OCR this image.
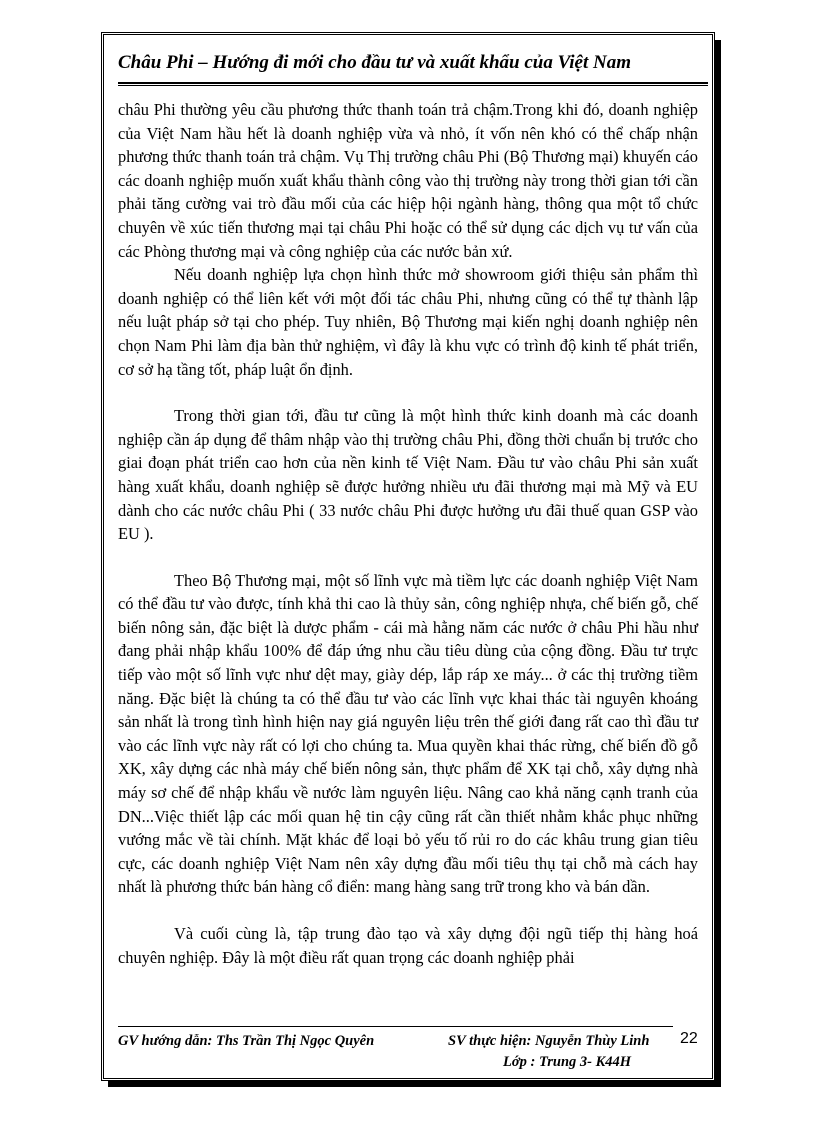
Châu Phi – Hướng đi mới cho đầu tư và xuất khẩu của Việt Nam

châu Phi thường yêu cầu phương thức thanh toán trả chậm.Trong khi đó, doanh nghiệp của Việt Nam hầu hết là doanh nghiệp vừa và nhỏ, ít vốn nên khó có thể chấp nhận phương thức thanh toán trả chậm. Vụ Thị trường châu Phi (Bộ Thương mại) khuyến cáo các doanh nghiệp muốn xuất khẩu thành công vào thị trường này trong thời gian tới cần phải tăng cường vai trò đầu mối của các hiệp hội ngành hàng, thông qua một tổ chức chuyên về xúc tiến thương mại tại châu Phi hoặc có thể sử dụng các dịch vụ tư vấn của các Phòng thương mại và công nghiệp của các nước bản xứ.

Nếu doanh nghiệp lựa chọn hình thức mở showroom giới thiệu sản phẩm thì doanh nghiệp có thể liên kết với một đối tác châu Phi, nhưng cũng có thể tự thành lập nếu luật pháp sở tại cho phép. Tuy nhiên, Bộ Thương mại kiến nghị doanh nghiệp nên chọn Nam Phi làm địa bàn thử nghiệm, vì đây là khu vực có trình độ kinh tế phát triển, cơ sở hạ tầng tốt, pháp luật ổn định.

Trong thời gian tới, đầu tư cũng là một hình thức kinh doanh mà các doanh nghiệp cần áp dụng để thâm nhập vào thị trường châu Phi, đồng thời chuẩn bị trước cho giai đoạn phát triển cao hơn của nền kinh tế Việt Nam. Đầu tư vào châu Phi sản xuất hàng xuất khẩu, doanh nghiệp sẽ được hưởng nhiều ưu đãi thương mại mà Mỹ và EU dành cho các nước châu Phi ( 33 nước châu Phi được hưởng ưu đãi thuế quan GSP vào EU ).

Theo Bộ Thương mại, một số lĩnh vực mà tiềm lực các doanh nghiệp Việt Nam có thể đầu tư vào được, tính khả thi cao là thủy sản, công nghiệp nhựa, chế biến gỗ, chế biến nông sản, đặc biệt là dược phẩm - cái mà hằng năm các nước ở châu Phi hầu như đang phải nhập khẩu 100% để đáp ứng nhu cầu tiêu dùng của cộng đồng. Đầu tư trực tiếp vào một số lĩnh vực như dệt may, giày dép, lắp ráp xe máy... ở các thị trường tiềm năng. Đặc biệt là chúng ta có thể đầu tư vào các lĩnh vực khai thác tài nguyên khoáng sản nhất là trong tình hình hiện nay giá nguyên liệu trên thế giới đang rất cao thì đầu tư vào các lĩnh vực này rất có lợi cho chúng ta. Mua quyền khai thác rừng, chế biến đồ gỗ XK, xây dựng các nhà máy chế biến nông sản, thực phẩm để XK tại chỗ, xây dựng nhà máy sơ chế để nhập khẩu về nước làm nguyên liệu. Nâng cao khả năng cạnh tranh của DN...Việc thiết lập các mối quan hệ tin cậy cũng rất cần thiết nhằm khắc phục những vướng mắc về tài chính. Mặt khác để loại bỏ yếu tố rủi ro do các khâu trung gian tiêu cực, các doanh nghiệp Việt Nam nên xây dựng đầu mối tiêu thụ tại chỗ mà cách hay nhất là phương thức bán hàng cổ điển: mang hàng sang trữ trong kho và bán dần.

Và cuối cùng là, tập trung đào tạo và xây dựng đội ngũ tiếp thị hàng hoá chuyên nghiệp. Đây là một điều rất quan trọng các doanh nghiệp phải

GV hướng dẫn: Ths Trần Thị Ngọc Quyên	SV thực hiện: Nguyễn Thùy Linh
Lớp : Trung 3- K44H
22
